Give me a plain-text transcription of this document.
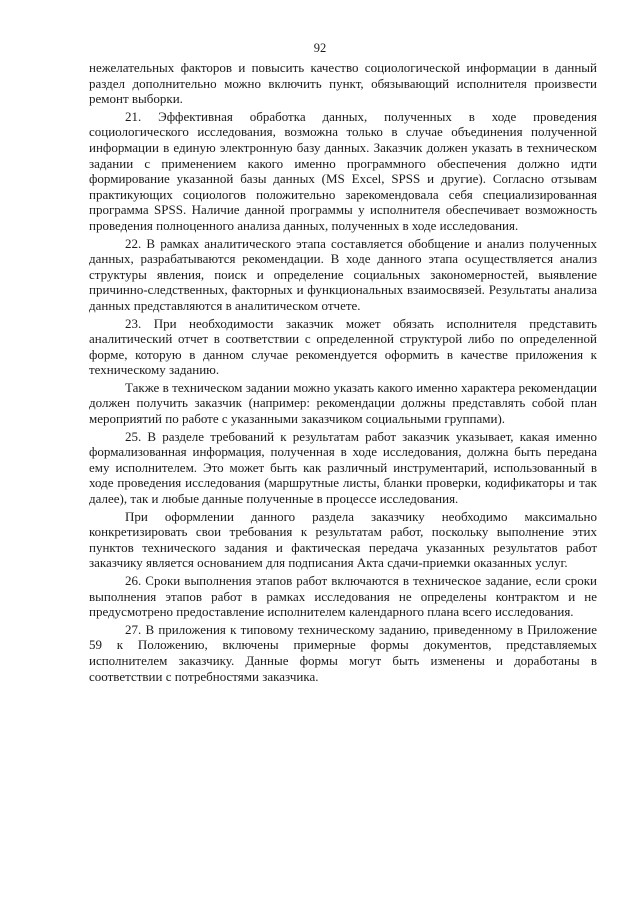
92

нежелательных факторов и повысить качество социологической информации в данный раздел дополнительно можно включить пункт, обязывающий исполнителя произвести ремонт выборки.

21. Эффективная обработка данных, полученных в ходе проведения социологического исследования, возможна только в случае объединения полученной информации в единую электронную базу данных. Заказчик должен указать в техническом задании с применением какого именно программного обеспечения должно идти формирование указанной базы данных (MS Excel, SPSS и другие). Согласно отзывам практикующих социологов положительно зарекомендовала себя специализированная программа SPSS. Наличие данной программы у исполнителя обеспечивает возможность проведения полноценного анализа данных, полученных в ходе исследования.

22. В рамках аналитического этапа составляется обобщение и анализ полученных данных, разрабатываются рекомендации. В ходе данного этапа осуществляется анализ структуры явления, поиск и определение социальных закономерностей, выявление причинно-следственных, факторных и функциональных взаимосвязей. Результаты анализа данных представляются в аналитическом отчете.

23. При необходимости заказчик может обязать исполнителя представить аналитический отчет в соответствии с определенной структурой либо по определенной форме, которую в данном случае рекомендуется оформить в качестве приложения к техническому заданию.

Также в техническом задании можно указать какого именно характера рекомендации должен получить заказчик (например: рекомендации должны представлять собой план мероприятий по работе с указанными заказчиком социальными группами).

25. В разделе требований к результатам работ заказчик указывает, какая именно формализованная информация, полученная в ходе исследования, должна быть передана ему исполнителем. Это может быть как различный инструментарий, использованный в ходе проведения исследования (маршрутные листы, бланки проверки, кодификаторы и так далее), так и любые данные полученные в процессе исследования.

При оформлении данного раздела заказчику необходимо максимально конкретизировать свои требования к результатам работ, поскольку выполнение этих пунктов технического задания и фактическая передача указанных результатов работ заказчику является основанием для подписания Акта сдачи-приемки оказанных услуг.

26. Сроки выполнения этапов работ включаются в техническое задание, если сроки выполнения этапов работ в рамках исследования не определены контрактом и не предусмотрено предоставление исполнителем календарного плана всего исследования.

27. В приложения к типовому техническому заданию, приведенному в Приложение 59 к Положению, включены примерные формы документов, представляемых исполнителем заказчику. Данные формы могут быть изменены и доработаны в соответствии с потребностями заказчика.
